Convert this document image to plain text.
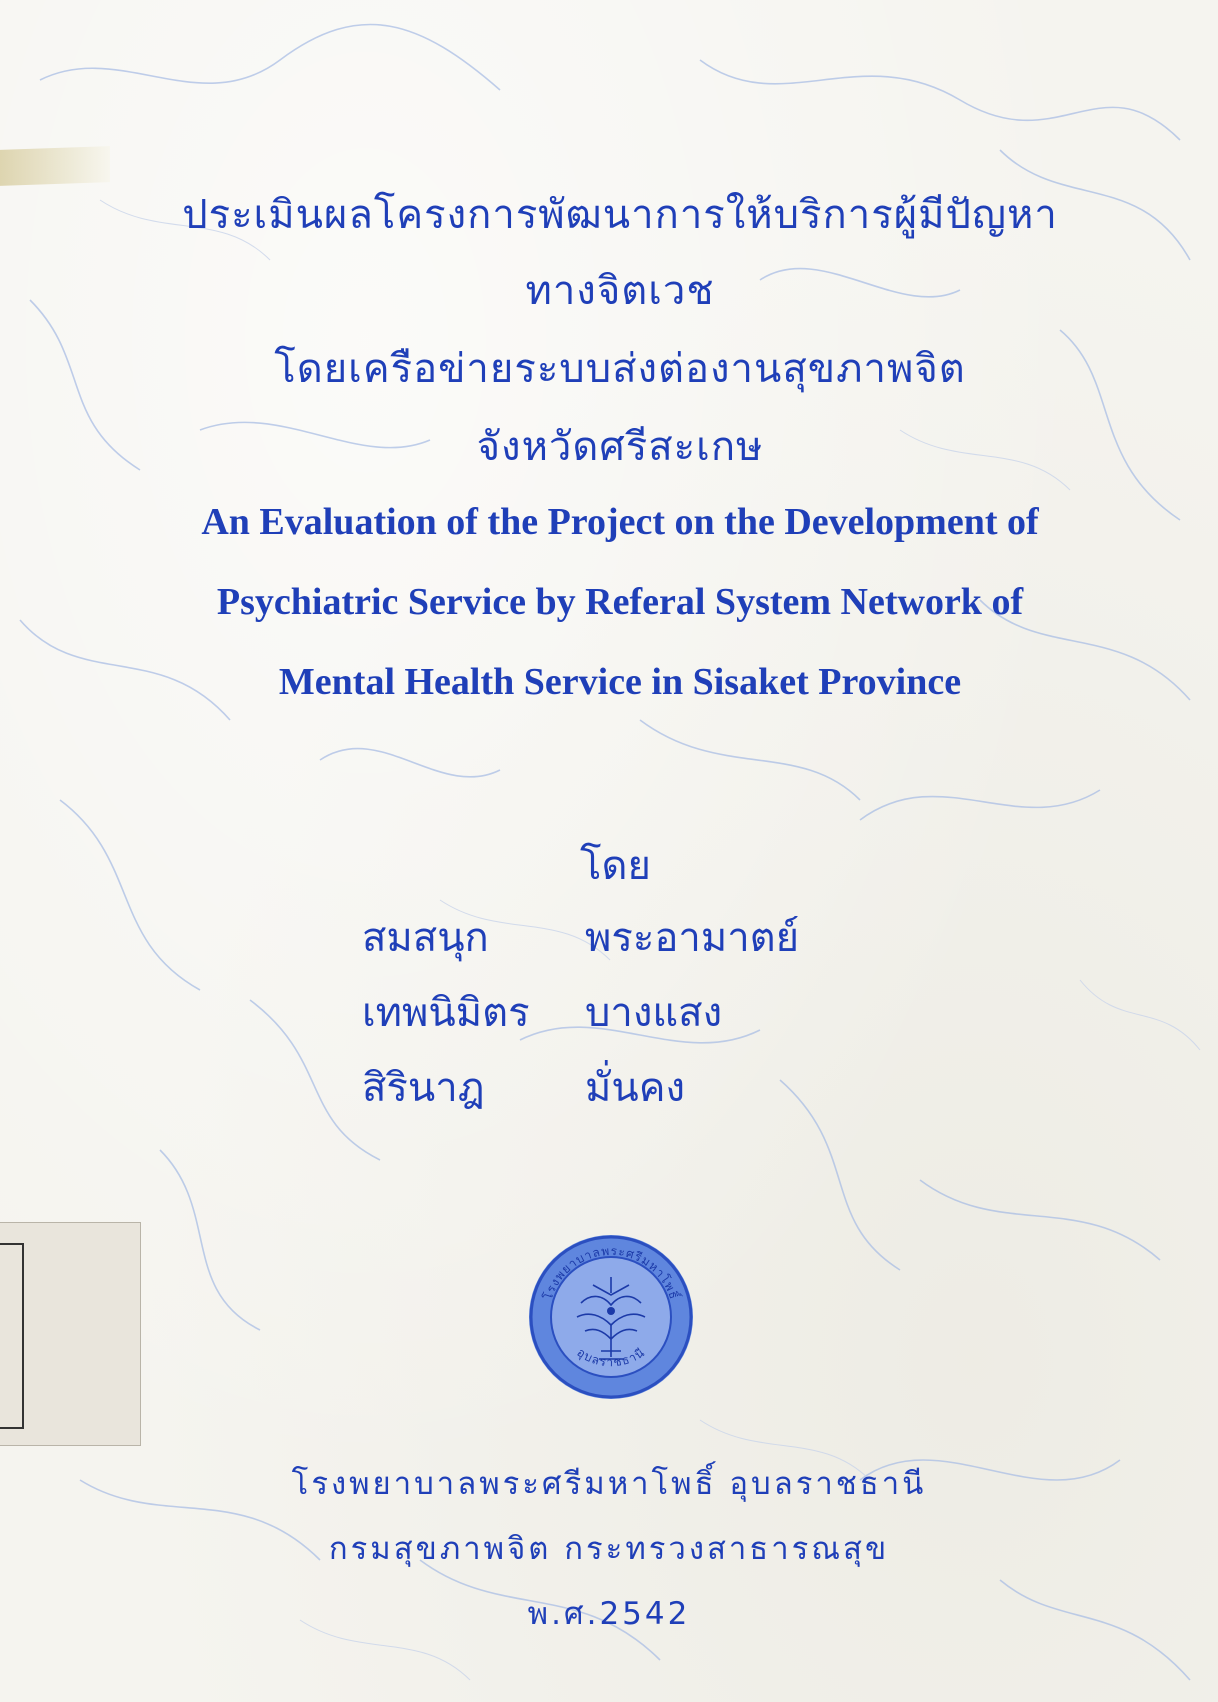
ประเมินผลโครงการพัฒนาการให้บริการผู้มีปัญหา

ทางจิตเวช

โดยเครือข่ายระบบส่งต่องานสุขภาพจิต

จังหวัดศรีสะเกษ

An Evaluation of the Project on the Development of

Psychiatric Service by Referal System Network of

Mental Health Service in Sisaket Province

โดย
สมสนุก พระอามาตย์
เทพนิมิตร บางแสง
สิรินาฎ	มั่นคง
โรงพยาบาลพระศรีมหาโพธิ์
อุบลราชธานี

โรงพยาบาลพระศรีมหาโพธิ์ อุบลราชธานี

กรมสุขภาพจิต กระทรวงสาธารณสุข

พ.ศ.2542
